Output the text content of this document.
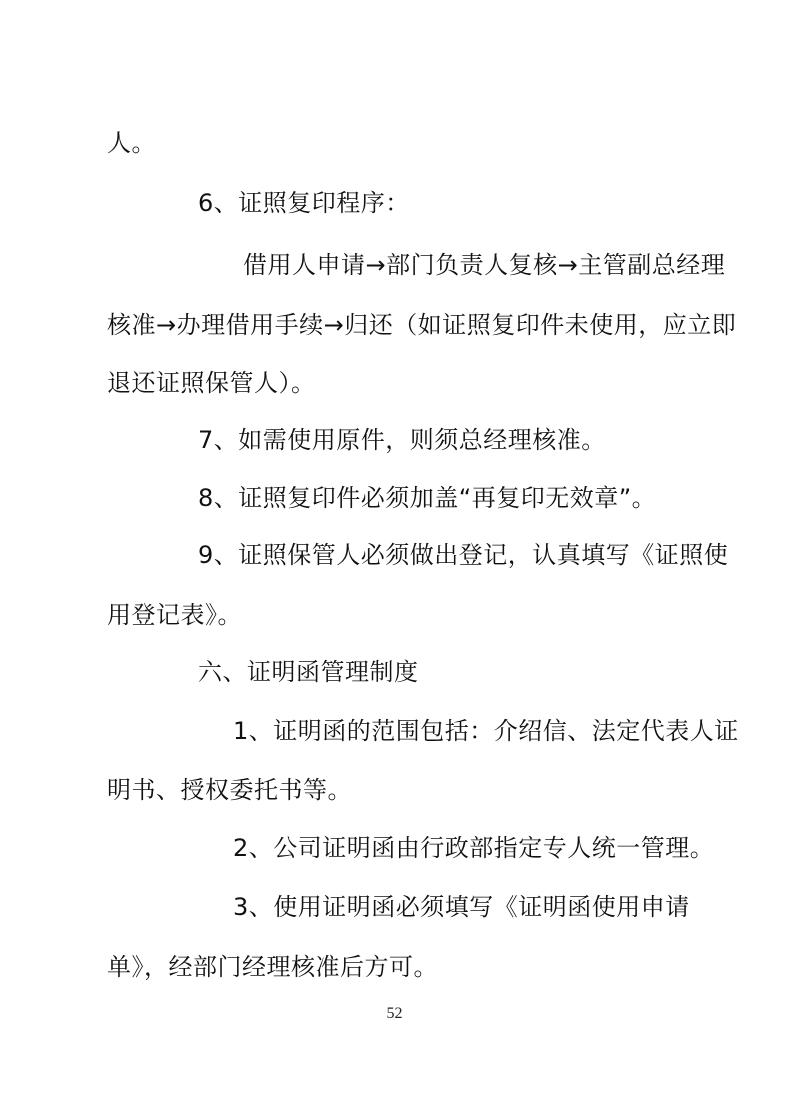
人。
6、证照复印程序：
借用人申请→部门负责人复核→主管副总经理
核准→办理借用手续→归还（如证照复印件未使用，应立即
退还证照保管人）。
7、如需使用原件，则须总经理核准。
8、证照复印件必须加盖“再复印无效章”。
9、证照保管人必须做出登记，认真填写《证照使
用登记表》。
六、证明函管理制度
1、证明函的范围包括：介绍信、法定代表人证
明书、授权委托书等。
2、公司证明函由行政部指定专人统一管理。
3、使用证明函必须填写《证明函使用申请
单》，经部门经理核准后方可。
52
